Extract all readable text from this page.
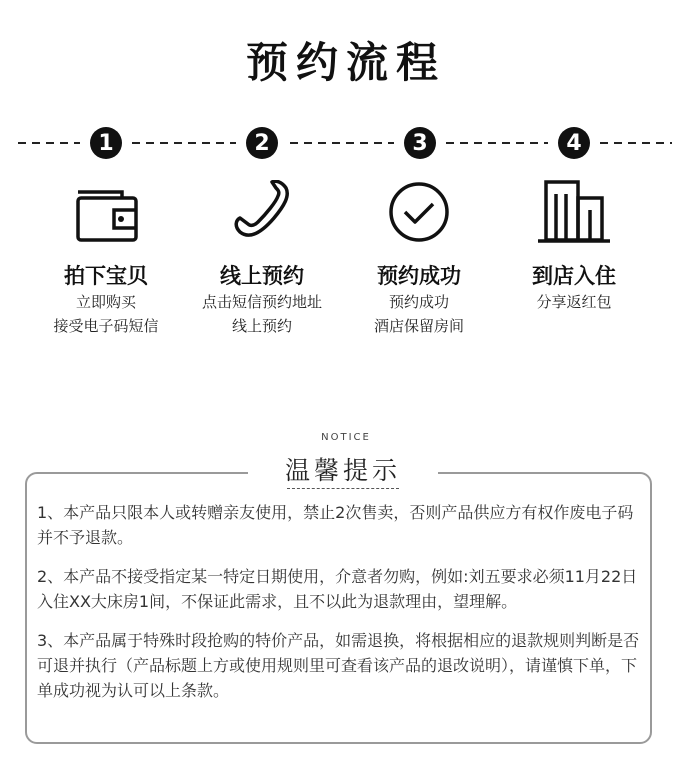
预约流程
1	2	3	4
拍下宝贝
立即购买
接受电子码短信
线上预约
点击短信预约地址
线上预约
预约成功
预约成功
酒店保留房间
到店入住
分享返红包
NOTICE
温馨提示

1、本产品只限本人或转赠亲友使用，禁止2次售卖，否则产品供应方有权作废电子码并不予退款。

2、本产品不接受指定某一特定日期使用，介意者勿购，例如:刘五要求必须11月22日入住XX大床房1间，不保证此需求，且不以此为退款理由，望理解。

3、本产品属于特殊时段抢购的特价产品，如需退换，将根据相应的退款规则判断是否可退并执行（产品标题上方或使用规则里可查看该产品的退改说明），请谨慎下单，下单成功视为认可以上条款。
